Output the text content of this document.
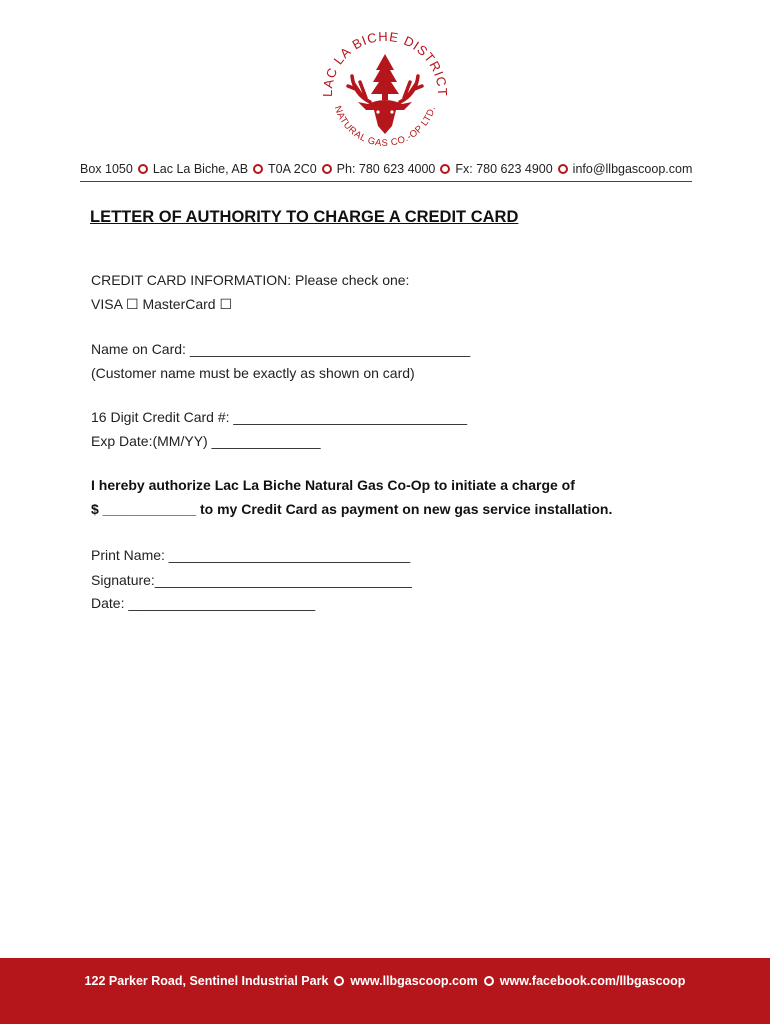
LAC LA BICHE DISTRICT
NATURAL GAS CO.-OP LTD.
Box 1050 Lac La Biche, AB T0A 2C0 Ph: 780 623 4000 Fx: 780 623 4900 info@llbgascoop.com
LETTER OF AUTHORITY TO CHARGE A CREDIT CARD
CREDIT CARD INFORMATION: Please check one:
VISA ☐ MasterCard ☐
Name on Card: ____________________________________
(Customer name must be exactly as shown on card)
16 Digit Credit Card #: ______________________________
Exp Date:(MM/YY) ______________
I hereby authorize Lac La Biche Natural Gas Co-Op to initiate a charge of
$ ____________ to my Credit Card as payment on new gas service installation.
Print Name: _______________________________
Signature:_________________________________
Date: ________________________
122 Parker Road, Sentinel Industrial Park www.llbgascoop.com www.facebook.com/llbgascoop
